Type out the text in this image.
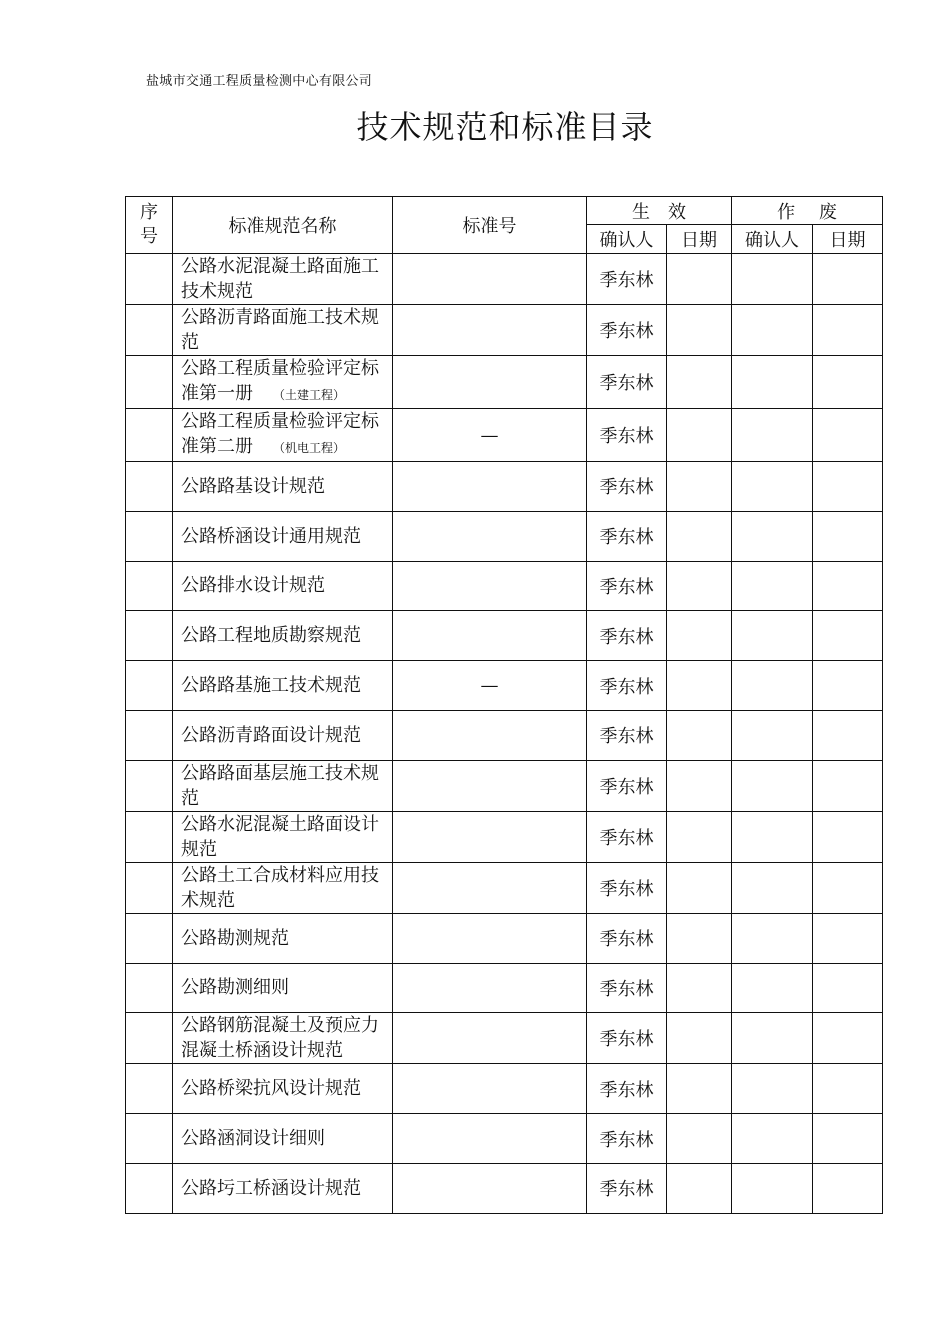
盐城市交通工程质量检测中心有限公司
技术规范和标准目录
序
号	标准规范名称	标准号	生　效		作　 废	
			确认人	日期	确认人	日期
	公路水泥混凝土路面施工技术规范		季东林			
	公路沥青路面施工技术规范		季东林			
	公路工程质量检验评定标准第一册 （土建工程）		季东林			
	公路工程质量检验评定标准第二册 （机电工程）	—	季东林			
	公路路基设计规范		季东林			
	公路桥涵设计通用规范		季东林			
	公路排水设计规范		季东林			
	公路工程地质勘察规范		季东林			
	公路路基施工技术规范	—	季东林			
	公路沥青路面设计规范		季东林			
	公路路面基层施工技术规范		季东林			
	公路水泥混凝土路面设计规范		季东林			
	公路土工合成材料应用技术规范		季东林			
	公路勘测规范		季东林			
	公路勘测细则		季东林			
	公路钢筋混凝土及预应力混凝土桥涵设计规范		季东林			
	公路桥梁抗风设计规范		季东林			
	公路涵洞设计细则		季东林			
	公路圬工桥涵设计规范		季东林			
